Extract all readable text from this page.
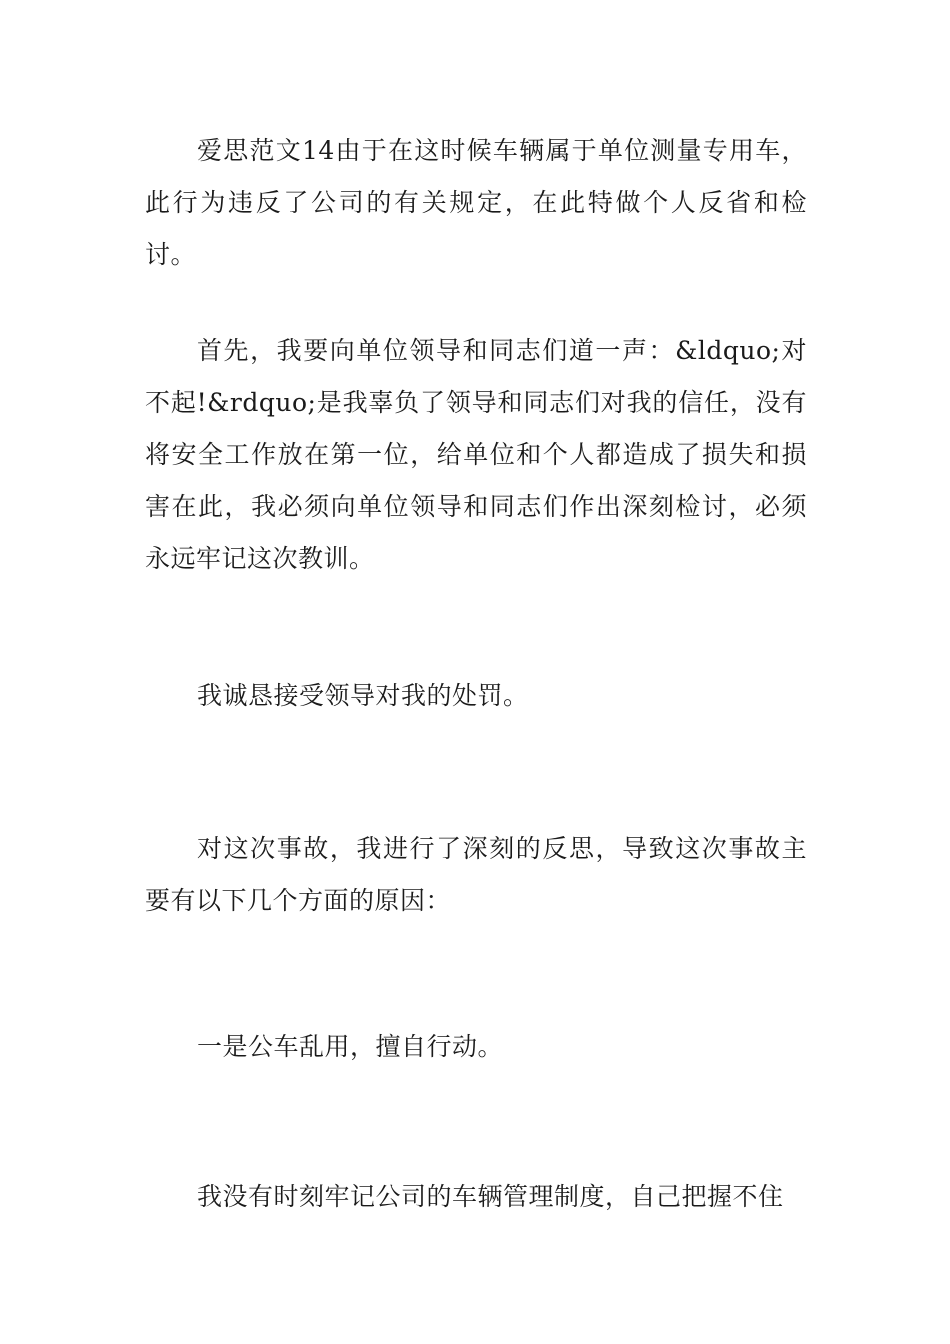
爱思范文14由于在这时候车辆属于单位测量专用车，此行为违反了公司的有关规定，在此特做个人反省和检讨。

首先，我要向单位领导和同志们道一声：&ldquo;对不起!&rdquo;是我辜负了领导和同志们对我的信任，没有将安全工作放在第一位，给单位和个人都造成了损失和损害在此，我必须向单位领导和同志们作出深刻检讨，必须永远牢记这次教训。

我诚恳接受领导对我的处罚。

对这次事故，我进行了深刻的反思，导致这次事故主要有以下几个方面的原因：

一是公车乱用，擅自行动。

我没有时刻牢记公司的车辆管理制度，自己把握不住
